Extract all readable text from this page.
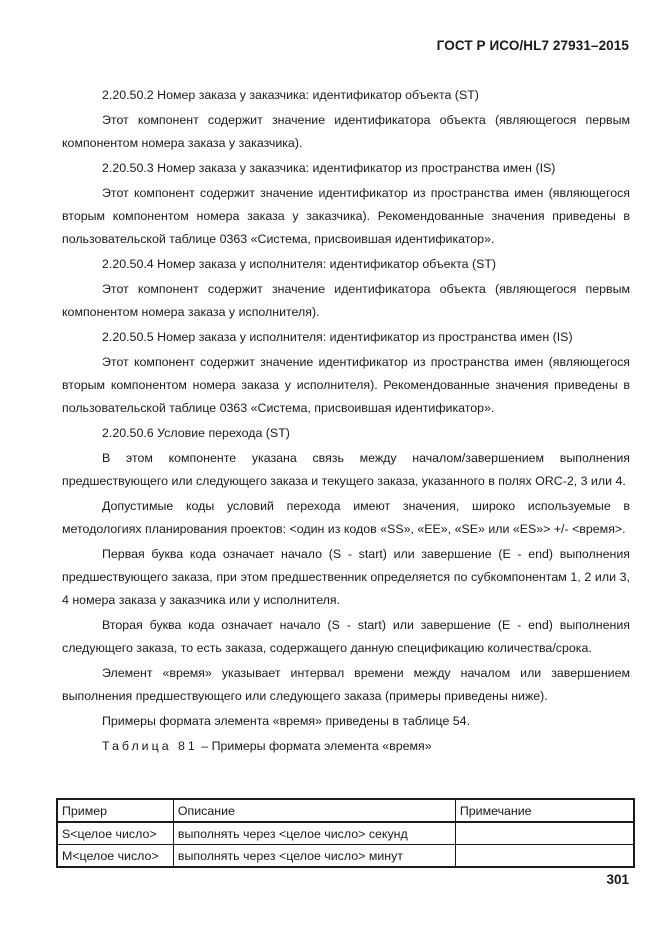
ГОСТ Р ИСО/HL7 27931–2015

2.20.50.2 Номер заказа у заказчика: идентификатор объекта (ST)

Этот компонент содержит значение идентификатора объекта (являющегося первым компонентом номера заказа у заказчика).

2.20.50.3 Номер заказа у заказчика: идентификатор из пространства имен (IS)

Этот компонент содержит значение идентификатор из пространства имен (являющегося вторым компонентом номера заказа у заказчика). Рекомендованные значения приведены в пользовательской таблице 0363 «Система, присвоившая идентификатор».

2.20.50.4 Номер заказа у исполнителя: идентификатор объекта (ST)

Этот компонент содержит значение идентификатора объекта (являющегося первым компонентом номера заказа у исполнителя).

2.20.50.5 Номер заказа у исполнителя: идентификатор из пространства имен (IS)

Этот компонент содержит значение идентификатор из пространства имен (являющегося вторым компонентом номера заказа у исполнителя). Рекомендованные значения приведены в пользовательской таблице 0363 «Система, присвоившая идентификатор».

2.20.50.6 Условие перехода (ST)

В этом компоненте указана связь между началом/завершением выполнения предшествующего или следующего заказа и текущего заказа, указанного в полях ORC-2, 3 или 4.

Допустимые коды условий перехода имеют значения, широко используемые в методологиях планирования проектов: <один из кодов «SS», «EE», «SE» или «ES»> +/- <время>.

Первая буква кода означает начало (S - start) или завершение (E - end) выполнения предшествующего заказа, при этом предшественник определяется по субкомпонентам 1, 2 или 3, 4 номера заказа у заказчика или у исполнителя.

Вторая буква кода означает начало (S - start) или завершение (E - end) выполнения следующего заказа, то есть заказа, содержащего данную спецификацию количества/срока.

Элемент «время» указывает интервал времени между началом или завершением выполнения предшествующего или следующего заказа (примеры приведены ниже).

Примеры формата элемента «время» приведены в таблице 54.

Таблица 81 – Примеры формата элемента «время»

Пример	Описание	Примечание
S<целое число>	выполнять через <целое число> секунд	
M<целое число>	выполнять через <целое число> минут	
301
